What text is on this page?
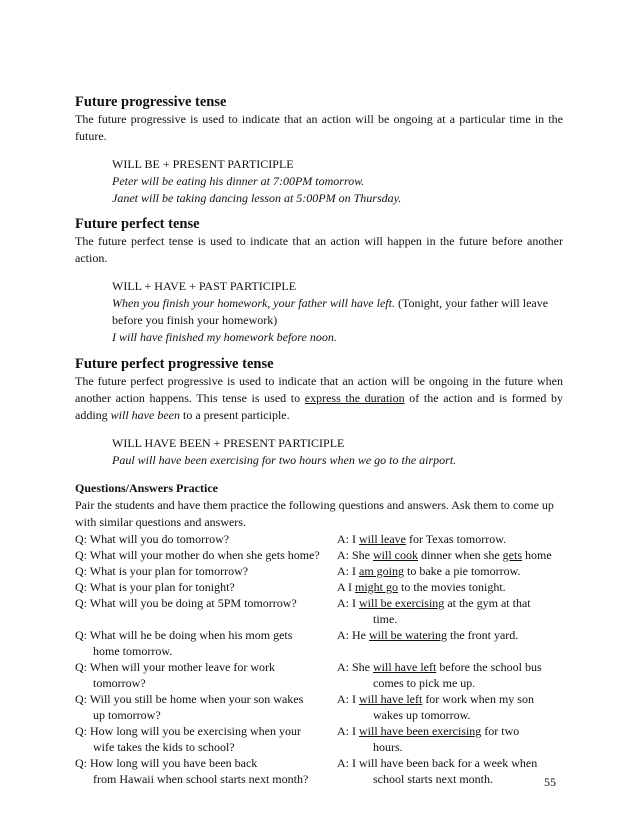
Future progressive tense

The future progressive is used to indicate that an action will be ongoing at a particular time in the future.

WILL BE + PRESENT PARTICIPLE

Peter will be eating his dinner at 7:00PM tomorrow.

Janet will be taking dancing lesson at 5:00PM on Thursday.

Future perfect tense

The future perfect tense is used to indicate that an action will happen in the future before another action.

WILL + HAVE + PAST PARTICIPLE

When you finish your homework, your father will have left. (Tonight, your father will leave before you finish your homework)

I will have finished my homework before noon.

Future perfect progressive tense

The future perfect progressive is used to indicate that an action will be ongoing in the future when another action happens. This tense is used to express the duration of the action and is formed by adding will have been to a present participle.

WILL HAVE BEEN + PRESENT PARTICIPLE

Paul will have been exercising for two hours when we go to the airport.

Questions/Answers Practice

Pair the students and have them practice the following questions and answers. Ask them to come up with similar questions and answers.

Q: What will you do tomorrow?	A: I will leave for Texas tomorrow.
Q: What will your mother do when she gets home?	A: She will cook dinner when she gets home
Q: What is your plan for tomorrow?	A: I am going to bake a pie tomorrow.
Q: What is your plan for tonight?	A I might go to the movies tonight.
Q: What will you be doing at 5PM tomorrow?	A: I will be exercising at the gym at that
time.
Q: What will he be doing when his mom gets	A: He will be watering the front yard.
home tomorrow.
Q: When will your mother leave for work	A: She will have left before the school bus
tomorrow?	comes to pick me up.
Q: Will you still be home when your son wakes	A: I will have left for work when my son
up tomorrow?	wakes up tomorrow.
Q: How long will you be exercising when your	A: I will have been exercising for two
wife takes the kids to school?	hours.
Q: How long will you have been back	A: I will have been back for a week when
from Hawaii when school starts next month?	school starts next month.	55
